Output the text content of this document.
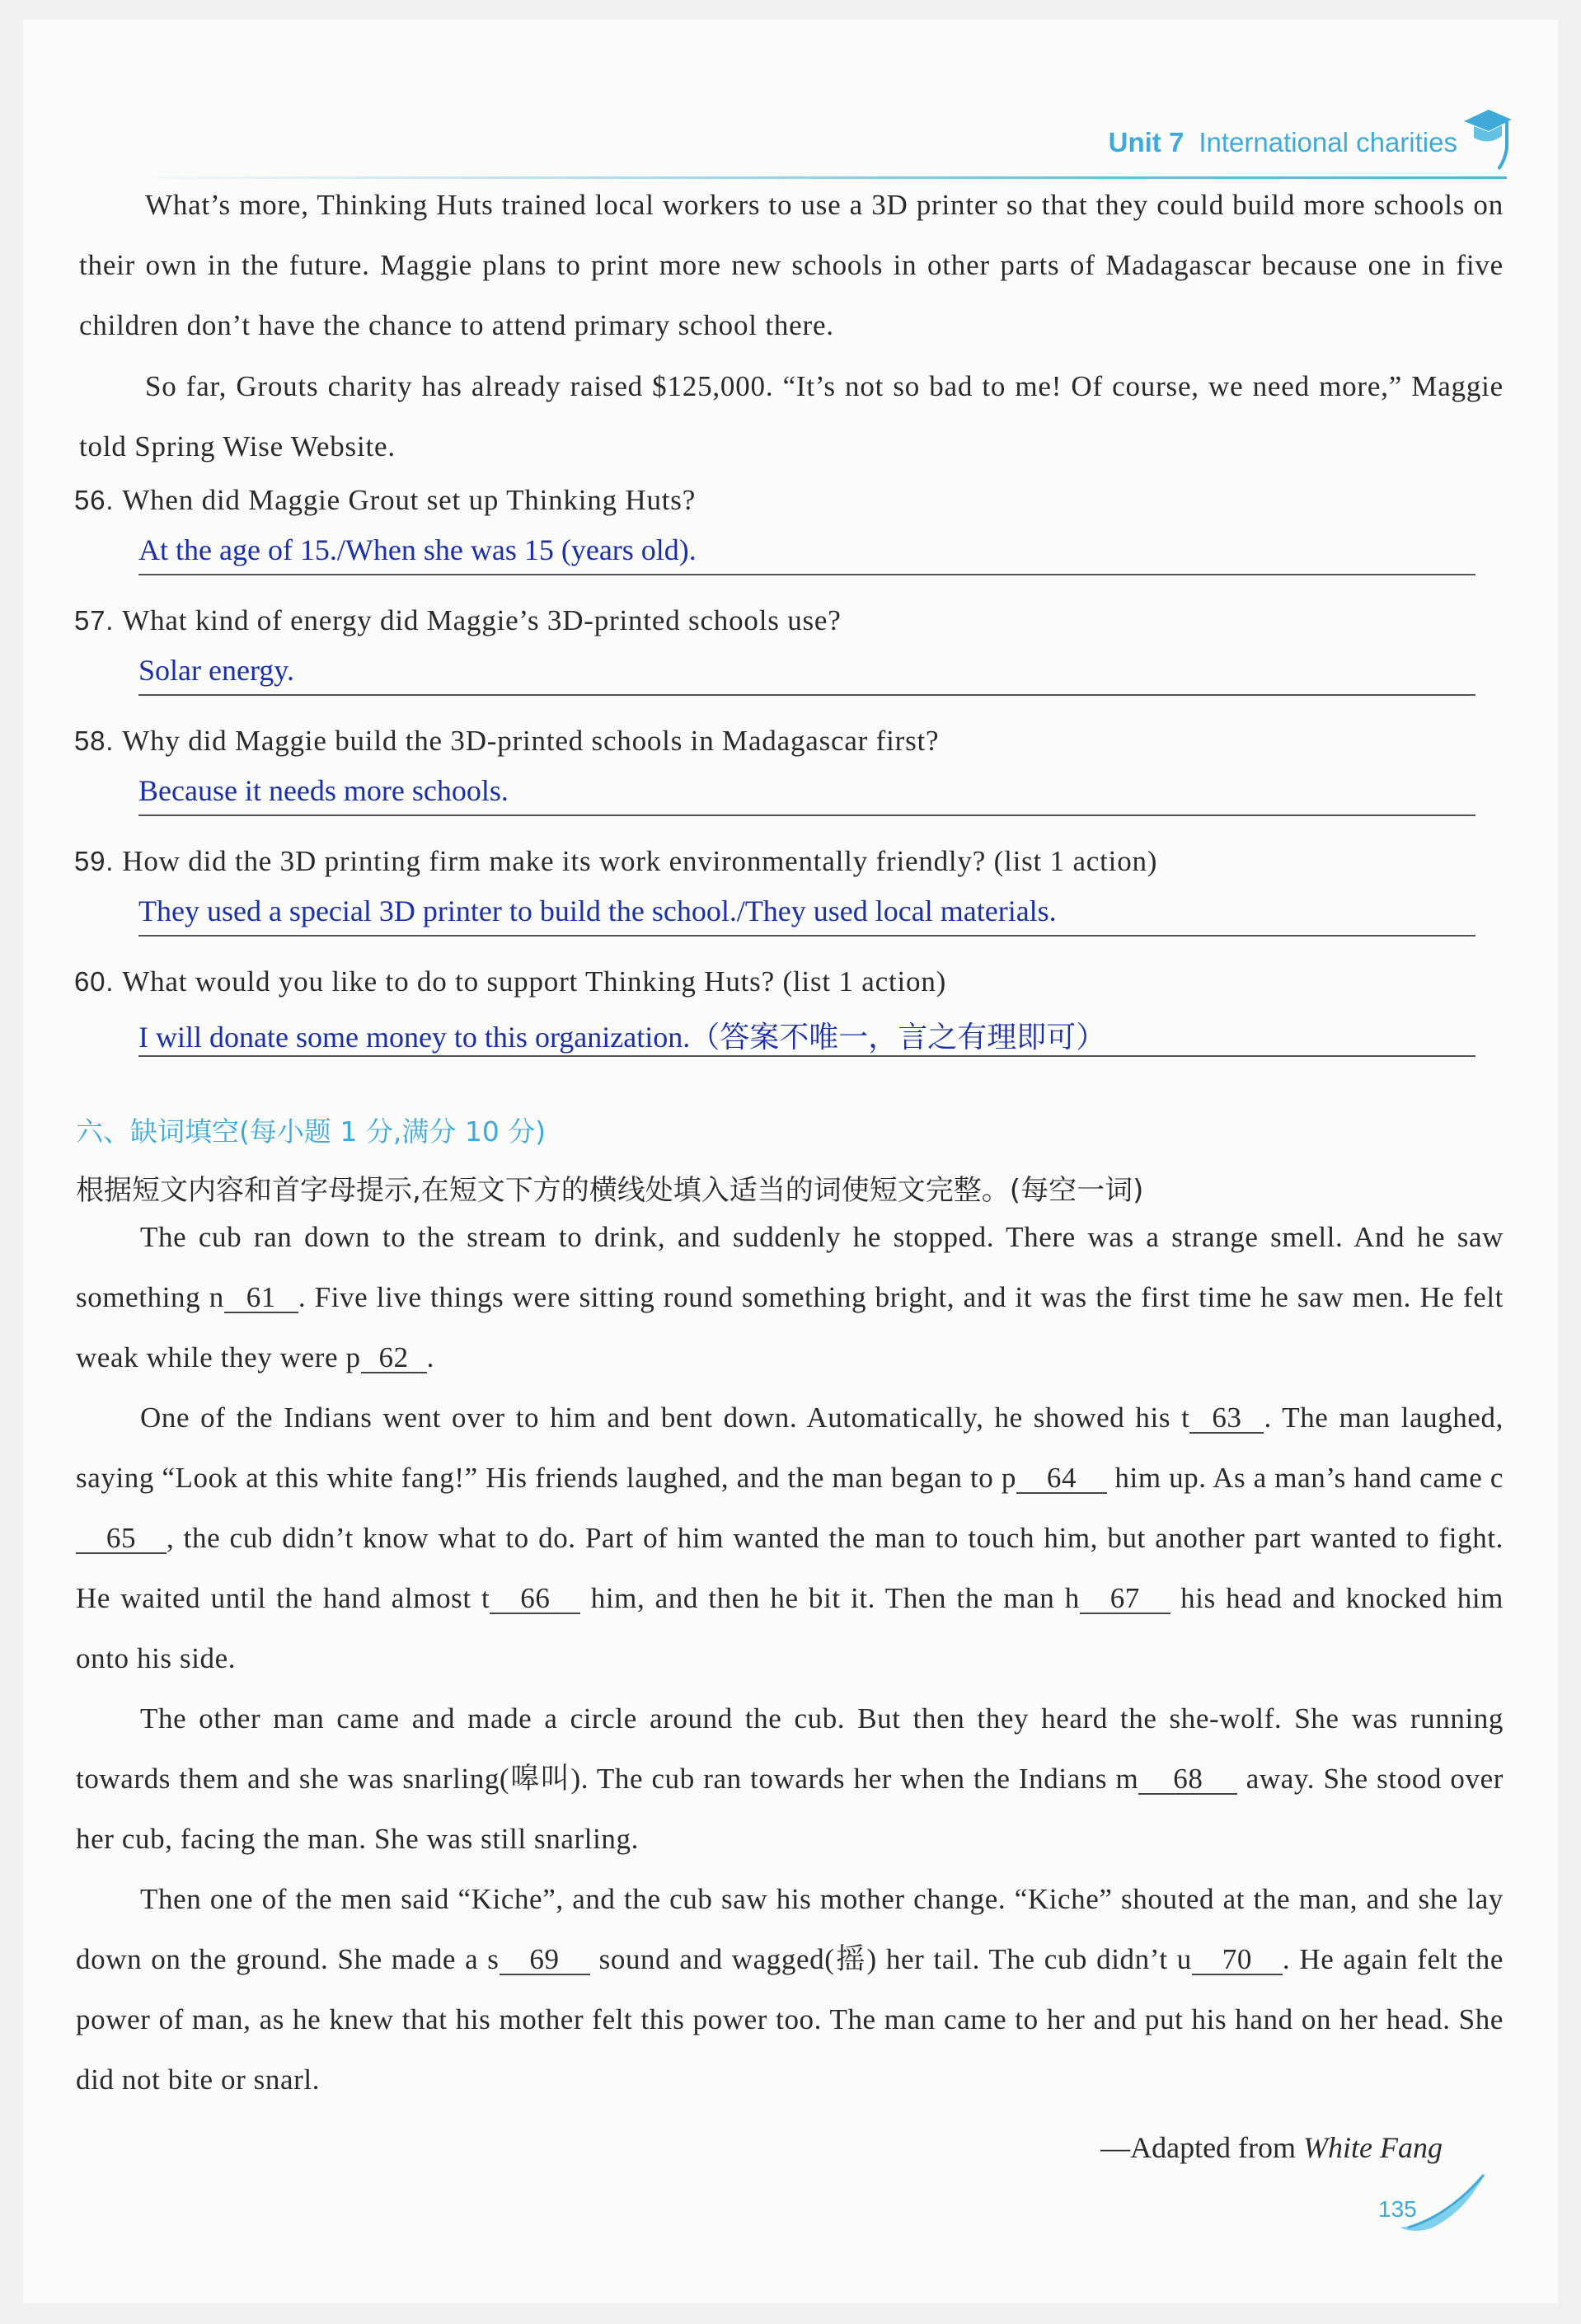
Unit 7 International charities

What’s more, Thinking Huts trained local workers to use a 3D printer so that they could build more schools on their own in the future. Maggie plans to print more new schools in other parts of Madagascar because one in five children don’t have the chance to attend primary school there.

So far, Grouts charity has already raised $125,000. “It’s not so bad to me! Of course, we need more,” Maggie told Spring Wise Website.

56. When did Maggie Grout set up Thinking Huts?
At the age of 15./When she was 15 (years old).
57. What kind of energy did Maggie’s 3D-printed schools use?
Solar energy.
58. Why did Maggie build the 3D-printed schools in Madagascar first?
Because it needs more schools.
59. How did the 3D printing firm make its work environmentally friendly? (list 1 action)
They used a special 3D printer to build the school./They used local materials.
60. What would you like to do to support Thinking Huts? (list 1 action)
I will donate some money to this organization.（答案不唯一，言之有理即可）
六、缺词填空(每小题 1 分,满分 10 分)
根据短文内容和首字母提示,在短文下方的横线处填入适当的词使短文完整。(每空一词)

The cub ran down to the stream to drink, and suddenly he stopped. There was a strange smell. And he saw something n 61 . Five live things were sitting round something bright, and it was the first time he saw men. He felt weak while they were p 62 .

One of the Indians went over to him and bent down. Automatically, he showed his t 63 . The man laughed, saying “Look at this white fang!” His friends laughed, and the man began to p 64 him up. As a man’s hand came c65 , the cub didn’t know what to do. Part of him wanted the man to touch him, but another part wanted to fight. He waited until the hand almost t 66 him, and then he bit it. Then the man h 67 his head and knocked him onto his side.

The other man came and made a circle around the cub. But then they heard the she-wolf. She was running towards them and she was snarling(嗥叫). The cub ran towards her when the Indians m 68 away. She stood over her cub, facing the man. She was still snarling.

Then one of the men said “Kiche”, and the cub saw his mother change. “Kiche” shouted at the man, and she lay down on the ground. She made a s 69 sound and wagged(摇) her tail. The cub didn’t u 70 . He again felt the power of man, as he knew that his mother felt this power too. The man came to her and put his hand on her head. She did not bite or snarl.

—Adapted from White Fang
135
